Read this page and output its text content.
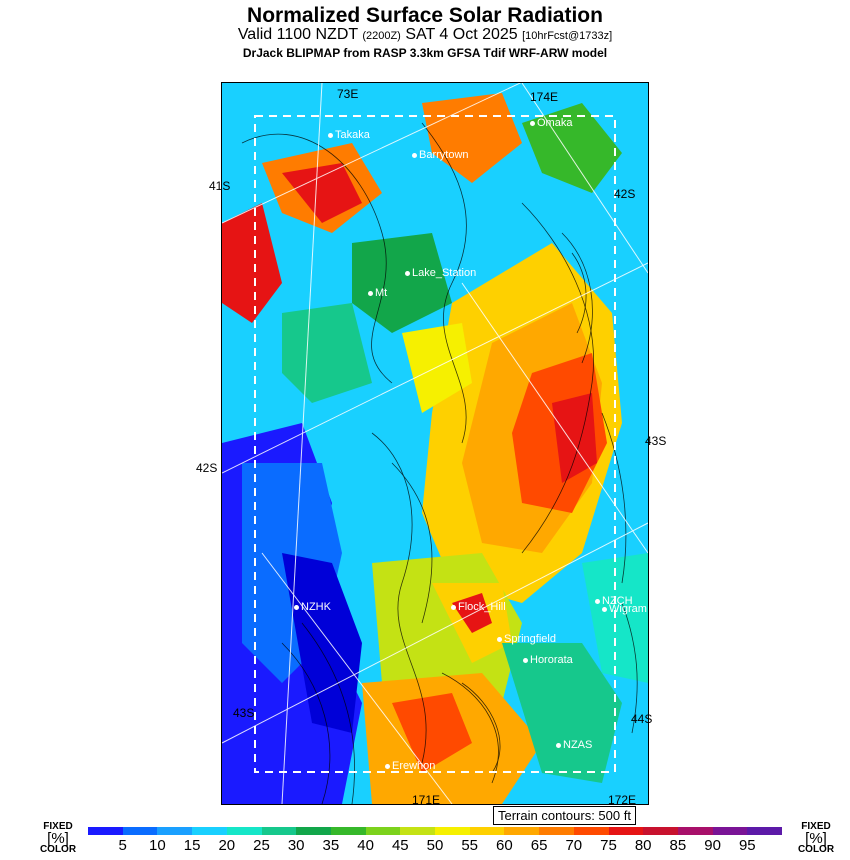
Normalized Surface Solar Radiation
Valid 1100 NZDT (2200Z) SAT 4 Oct 2025 [10hrFcst@1733z]
DrJack BLIPMAP from RASP 3.3km GFSA Tdif WRF-ARW model
Takaka
Barrytown
Omaka
Lake_Station
Mt
NZHK	Flock_Hill	NZCH
Wigram
Springfield
Hororata
NZAS
Erewhon
73E	174E
171E	172E
42S
41S
42S
43S
43S	44S
Terrain contours: 500 ft
FIXED
[%]
COLOR
FIXED
[%]
COLOR
5 10 15 20 25 30 35 40 45 50 55 60 65 70 75 80 85 90 95
